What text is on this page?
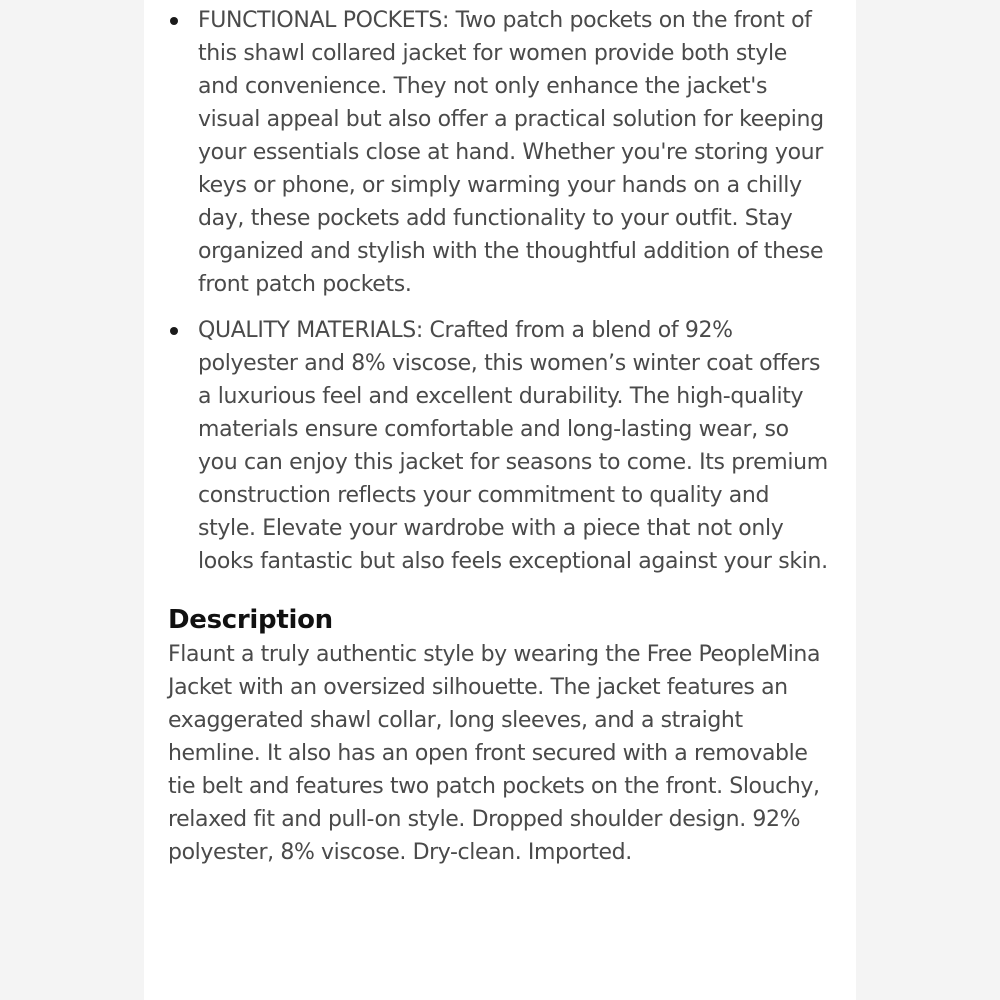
FUNCTIONAL POCKETS: Two patch pockets on the front of this shawl collared jacket for women provide both style and convenience. They not only enhance the jacket's visual appeal but also offer a practical solution for keeping your essentials close at hand. Whether you're storing your keys or phone, or simply warming your hands on a chilly day, these pockets add functionality to your outfit. Stay organized and stylish with the thoughtful addition of these front patch pockets.
QUALITY MATERIALS: Crafted from a blend of 92% polyester and 8% viscose, this women’s winter coat offers a luxurious feel and excellent durability. The high-quality materials ensure comfortable and long-lasting wear, so you can enjoy this jacket for seasons to come. Its premium construction reflects your commitment to quality and style. Elevate your wardrobe with a piece that not only looks fantastic but also feels exceptional against your skin.
Description

Flaunt a truly authentic style by wearing the Free PeopleMina Jacket with an oversized silhouette. The jacket features an exaggerated shawl collar, long sleeves, and a straight hemline. It also has an open front secured with a removable tie belt and features two patch pockets on the front. Slouchy, relaxed fit and pull-on style. Dropped shoulder design. 92% polyester, 8% viscose. Dry-clean. Imported.
